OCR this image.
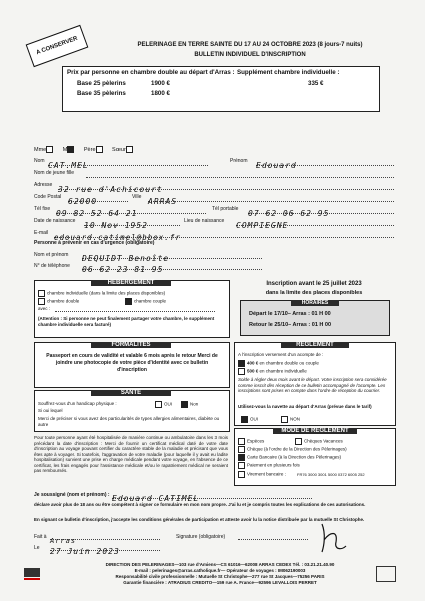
A CONSERVER	PELERINAGE EN TERRE SAINTE DU 17 AU 24 OCTOBRE 2023 (8 jours-7 nuits)
BULLETIN INDIVIDUEL D'INSCRIPTION
Prix par personne en chambre double au départ d'Arras :
Base 25 pèlerins	1900 €
Base 35 pèlerins	1800 €
Supplément chambre individuelle :
335 €
Mme	M	Père	Sœur
Nom CAT.MEL	Prénom Edouard
Nom de jeune fille
Adresse 32 rue d'Achicourt
Code Postal 62000	Ville ARRAS
Tél fixe 09 82 52 64 21	Tél portable 07 62 06 62 95
Date de naissance 10 Nov 1952	Lieu de naissance COMPIEGNE
E-mail edouard.catimel@bbox.fr
Personne à prévenir en cas d'urgence (obligatoire)
Nom et prénom DEQUIDT Benoîte
N° de téléphone 06 62 23 81 95
HEBERGEMENT
chambre individuelle (dans la limite des places disponibles)
chambre double	chambre couple
avec :
(Attention : Si personne ne peut finalement partager votre chambre, le supplément chambre individuelle sera facturé)
Inscription avant le 25 juillet 2023
dans la limite des places disponibles
HORAIRES
Départ le 17/10– Arras : 01 H 00
Retour le 25/10– Arras : 01 H 00
FORMALITES
Passeport en cours de validité et valable 6 mois après le retour Merci de joindre une photocopie de votre pièce d'identité avec ce bulletin d'inscription
SANTE
Souffrez-vous d'un handicap physique :	OUI	Non
Si oui lequel
Merci de préciser si vous avez des particularités de types allergies alimentaires, diabète ou autre
Pour toute personne ayant été hospitalisée de manière continue ou ambulatoire dans les 3 mois précédant la date d'inscription : Merci de fournir un certificat médical daté de votre date d'inscription au voyage pouvant certifier du caractère stable de la maladie et précisant que vous êtes apte à voyager. Si toutefois, l'aggravation de votre maladie (pour laquelle il y avait eu ladite hospitalisation) survient une prise en charge médicale pendant votre voyage, en l'absence de ce certificat, les frais engagés pour l'assistance médicale et/ou le rapatriement médical ne seraient pas remboursés.
REGLEMENT
A l'inscription versement d'un acompte de :
400 € en chambre double ou couple
500 € en chambre individuelle
Solde à régler deux mois avant le départ. Votre inscription sera considérée comme inscrit dès réception de ce bulletin accompagné de l'acompte. Les inscriptions sont prises en compte dans l'ordre de réception du courrier.
Utilisez-vous la navette au départ d'Arras (prévue dans le tarif)
OUI	NON
MODE DE REGLEMENT
Espèces	Chèques Vacances
Chèque (à l'ordre de la Direction des Pèlerinages)
Carte Bancaire (à la Direction des Pèlerinages)
Paiement en plusieurs fois
Virement bancaire :	FR76 3000 3001 5000 0372 6005 252
Je soussigné (nom et prénom) : Edouard CATIMEL
déclare avoir plus de 18 ans ou être compétent à signer ce formulaire en mon nom propre. J'ai lu et je compris toutes les explications de ces autorisations.
En signant ce bulletin d'inscription, j'accepte les conditions générales de participation et atteste avoir lu la notice distribuée par la mutuelle St Christophe.
Fait à Arras
Le 27 Juin 2023
Signature (obligatoire)
DIRECTION DES PELERINAGES—103 rue d'Amiens—CS 61016—62008 ARRAS CEDEX Tél. : 03.21.21.40.90
E-mail : pelerinages@arras.catholique.fr— Opérateur de voyages : IM062190003
Responsabilité civile professionnelle : Mutuelle St Christophe—277 rue St Jacques—75256 PARIS
Garantie financière : ATRADIUS CREDITO—159 rue A. France—92596 LEVALLOIS PERRET
